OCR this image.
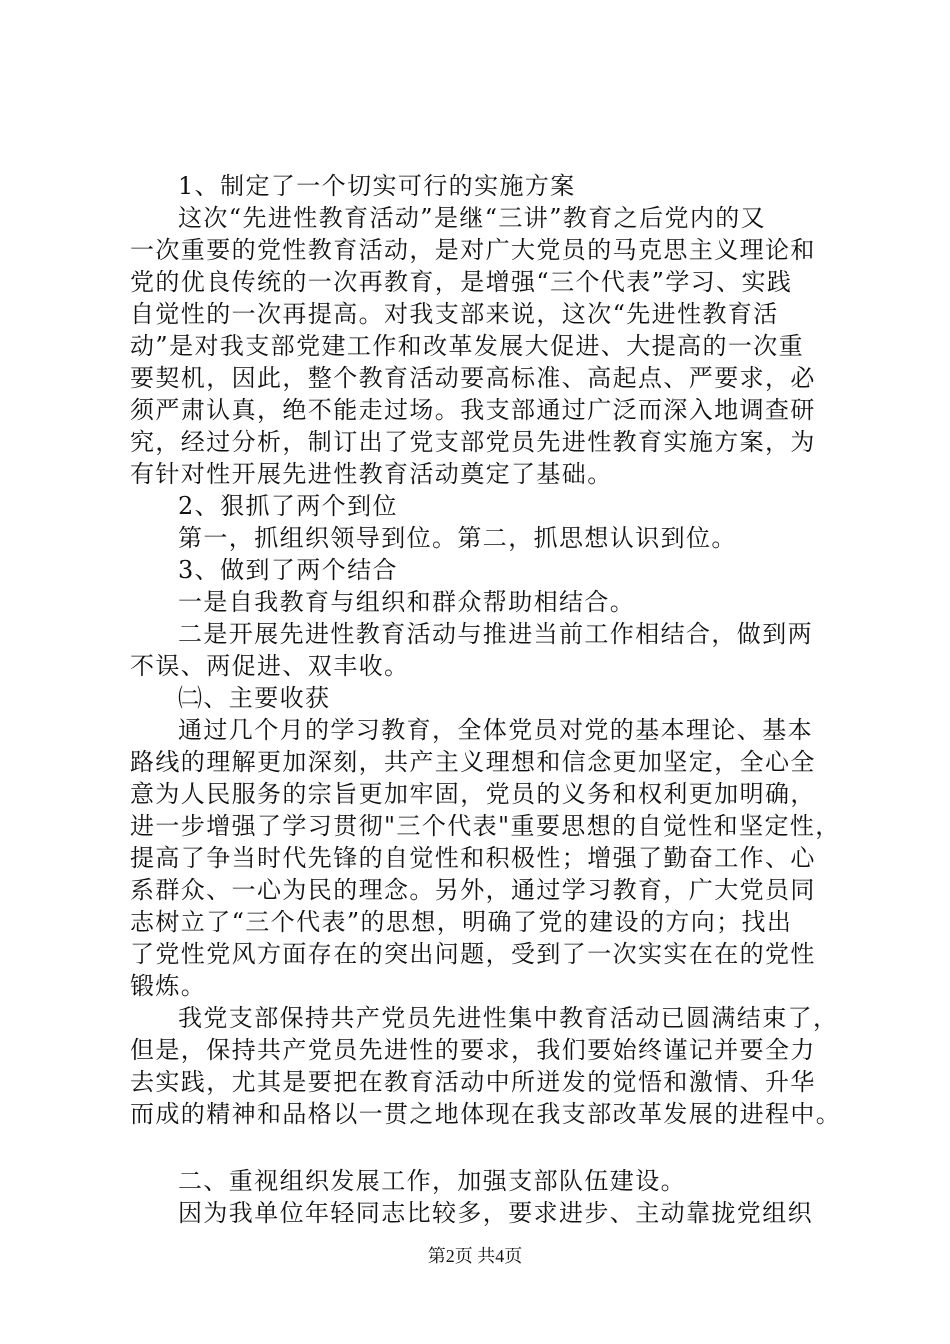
1、制定了一个切实可行的实施方案
这次“先进性教育活动”是继“三讲”教育之后党内的又
一次重要的党性教育活动，是对广大党员的马克思主义理论和
党的优良传统的一次再教育，是增强“三个代表”学习、实践
自觉性的一次再提高。对我支部来说，这次“先进性教育活
动”是对我支部党建工作和改革发展大促进、大提高的一次重
要契机，因此，整个教育活动要高标准、高起点、严要求，必
须严肃认真，绝不能走过场。我支部通过广泛而深入地调查研
究，经过分析，制订出了党支部党员先进性教育实施方案，为
有针对性开展先进性教育活动奠定了基础。
2、狠抓了两个到位
第一，抓组织领导到位。第二，抓思想认识到位。
3、做到了两个结合
一是自我教育与组织和群众帮助相结合。
二是开展先进性教育活动与推进当前工作相结合，做到两
不误、两促进、双丰收。
㈡、主要收获
通过几个月的学习教育，全体党员对党的基本理论、基本
路线的理解更加深刻，共产主义理想和信念更加坚定，全心全
意为人民服务的宗旨更加牢固，党员的义务和权利更加明确，
进一步增强了学习贯彻"三个代表"重要思想的自觉性和坚定性，
提高了争当时代先锋的自觉性和积极性；增强了勤奋工作、心
系群众、一心为民的理念。另外，通过学习教育，广大党员同
志树立了“三个代表”的思想，明确了党的建设的方向；找出
了党性党风方面存在的突出问题，受到了一次实实在在的党性
锻炼。
我党支部保持共产党员先进性集中教育活动已圆满结束了，
但是，保持共产党员先进性的要求，我们要始终谨记并要全力
去实践，尤其是要把在教育活动中所迸发的觉悟和激情、升华
而成的精神和品格以一贯之地体现在我支部改革发展的进程中。
二、重视组织发展工作，加强支部队伍建设。
因为我单位年轻同志比较多，要求进步、主动靠拢党组织
第2页 共4页
